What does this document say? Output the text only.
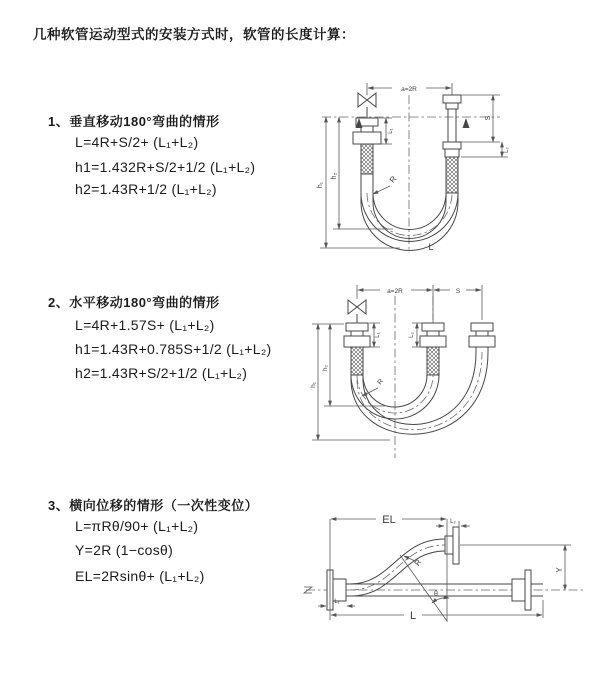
几种软管运动型式的安装方式时，软管的长度计算：
1、垂直移动180°弯曲的情形
L=4R+S/2+ (L₁+L₂)
h1=1.432R+S/2+1/2 (L₁+L₂)
h2=1.43R+1/2 (L₁+L₂)
2、水平移动180°弯曲的情形
L=4R+1.57S+ (L₁+L₂)
h1=1.43R+0.785S+1/2 (L₁+L₂)
h2=1.43R+S/2+1/2 (L₁+L₂)
3、横向位移的情形（一次性变位）
L=πRθ/90+ (L₁+L₂)
Y=2R (1−cosθ)
EL=2Rsinθ+ (L₁+L₂)
a=2R
h₁
h₂
L₁
S
L₂
R
L
a=2R	S
h₁
h₂
L₁	L₂
R
EL	L₂
Y
θ
R
L₁
L
